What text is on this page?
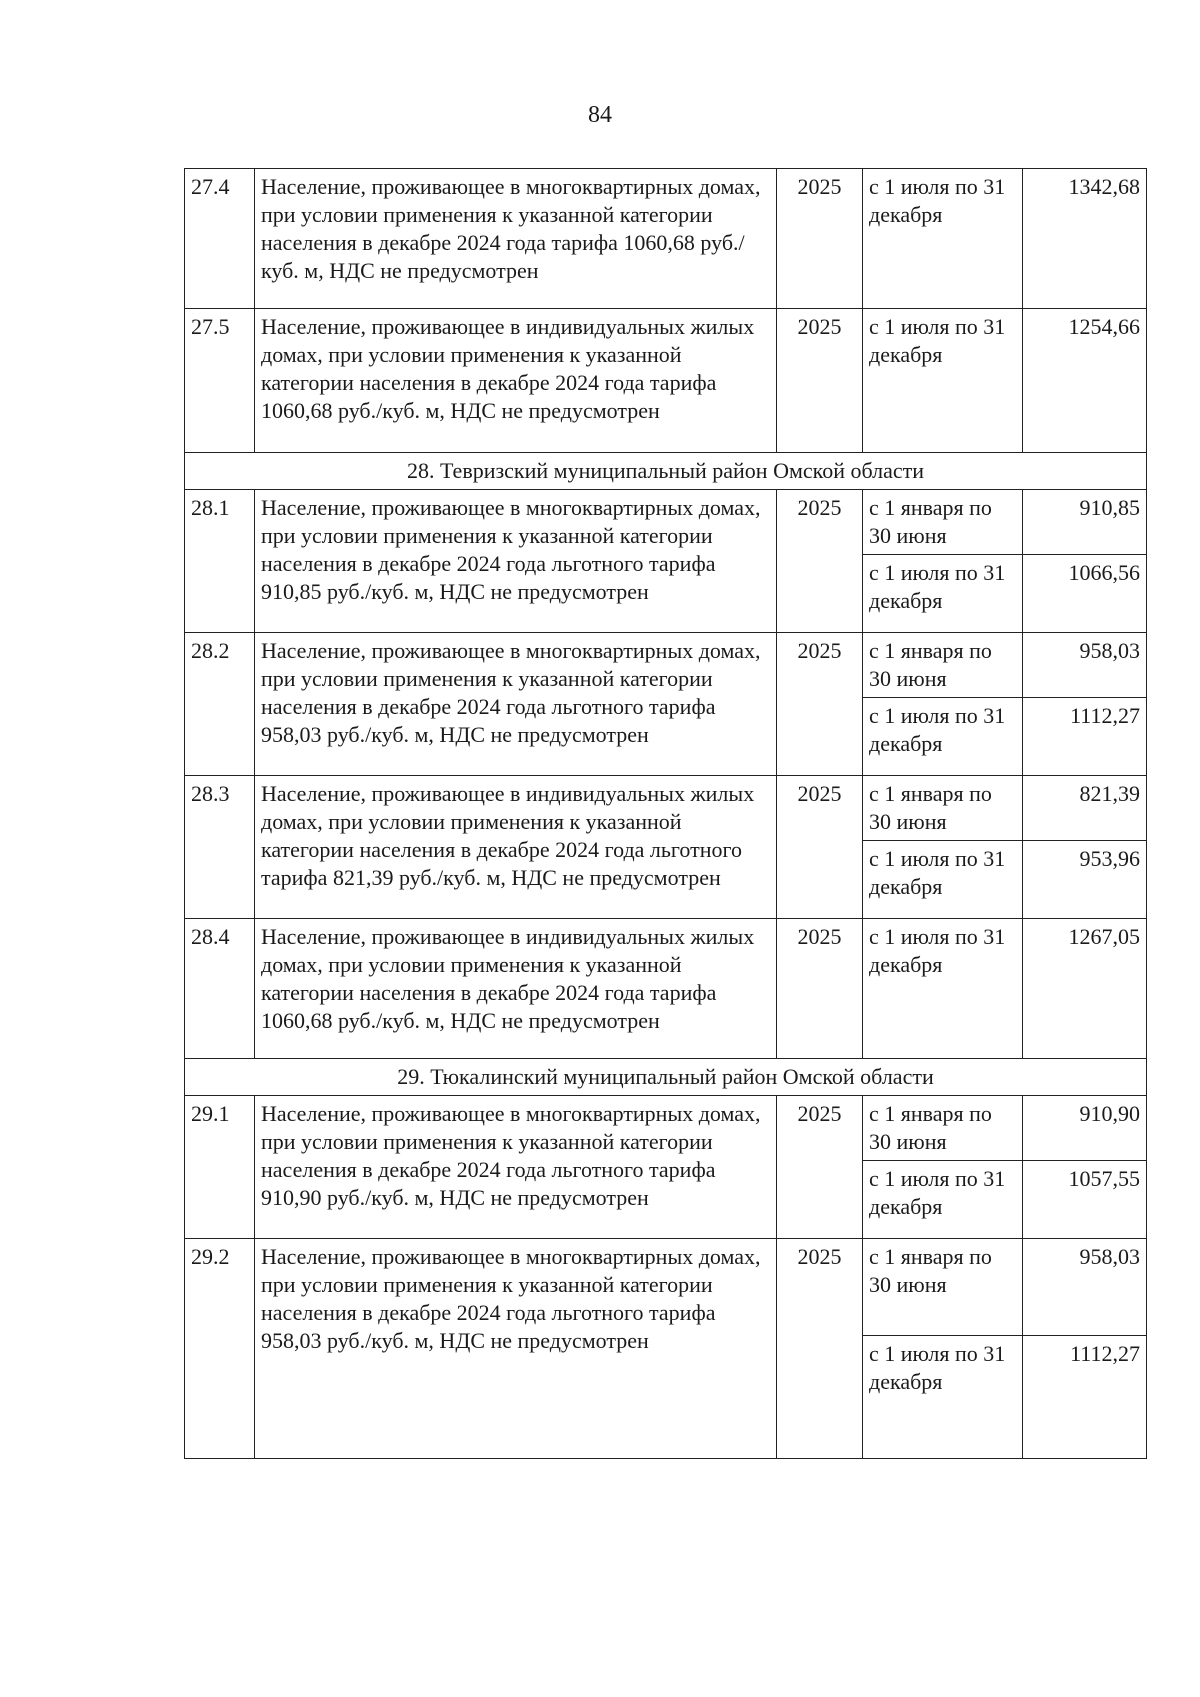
84
27.4	Население, проживающее в многоквартирных домах, при условии применения к указанной категории населения в декабре 2024 года тарифа 1060,68 руб./куб. м, НДС не предусмотрен	2025	с 1 июля по 31 декабря	1342,68
27.5	Население, проживающее в индивидуальных жилых домах, при условии применения к указанной категории населения в декабре 2024 года тарифа 1060,68 руб./куб. м, НДС не предусмотрен	2025	с 1 июля по 31 декабря	1254,66
28. Тевризский муниципальный район Омской области				
28.1	Население, проживающее в многоквартирных домах, при условии применения к указанной категории населения в декабре 2024 года льготного тарифа 910,85 руб./куб. м, НДС не предусмотрен	2025	с 1 января по 30 июня	910,85
			с 1 июля по 31 декабря	1066,56
28.2	Население, проживающее в многоквартирных домах, при условии применения к указанной категории населения в декабре 2024 года льготного тарифа 958,03 руб./куб. м, НДС не предусмотрен	2025	с 1 января по 30 июня	958,03
			с 1 июля по 31 декабря	1112,27
28.3	Население, проживающее в индивидуальных жилых домах, при условии применения к указанной категории населения в декабре 2024 года льготного тарифа 821,39 руб./куб. м, НДС не предусмотрен	2025	с 1 января по 30 июня	821,39
			с 1 июля по 31 декабря	953,96
28.4	Население, проживающее в индивидуальных жилых домах, при условии применения к указанной категории населения в декабре 2024 года тарифа 1060,68 руб./куб. м, НДС не предусмотрен	2025	с 1 июля по 31 декабря	1267,05
29. Тюкалинский муниципальный район Омской области				
29.1	Население, проживающее в многоквартирных домах, при условии применения к указанной категории населения в декабре 2024 года льготного тарифа 910,90 руб./куб. м, НДС не предусмотрен	2025	с 1 января по 30 июня	910,90
			с 1 июля по 31 декабря	1057,55
29.2	Население, проживающее в многоквартирных домах, при условии применения к указанной категории населения в декабре 2024 года льготного тарифа 958,03 руб./куб. м, НДС не предусмотрен	2025	с 1 января по 30 июня	958,03
			с 1 июля по 31 декабря	1112,27
